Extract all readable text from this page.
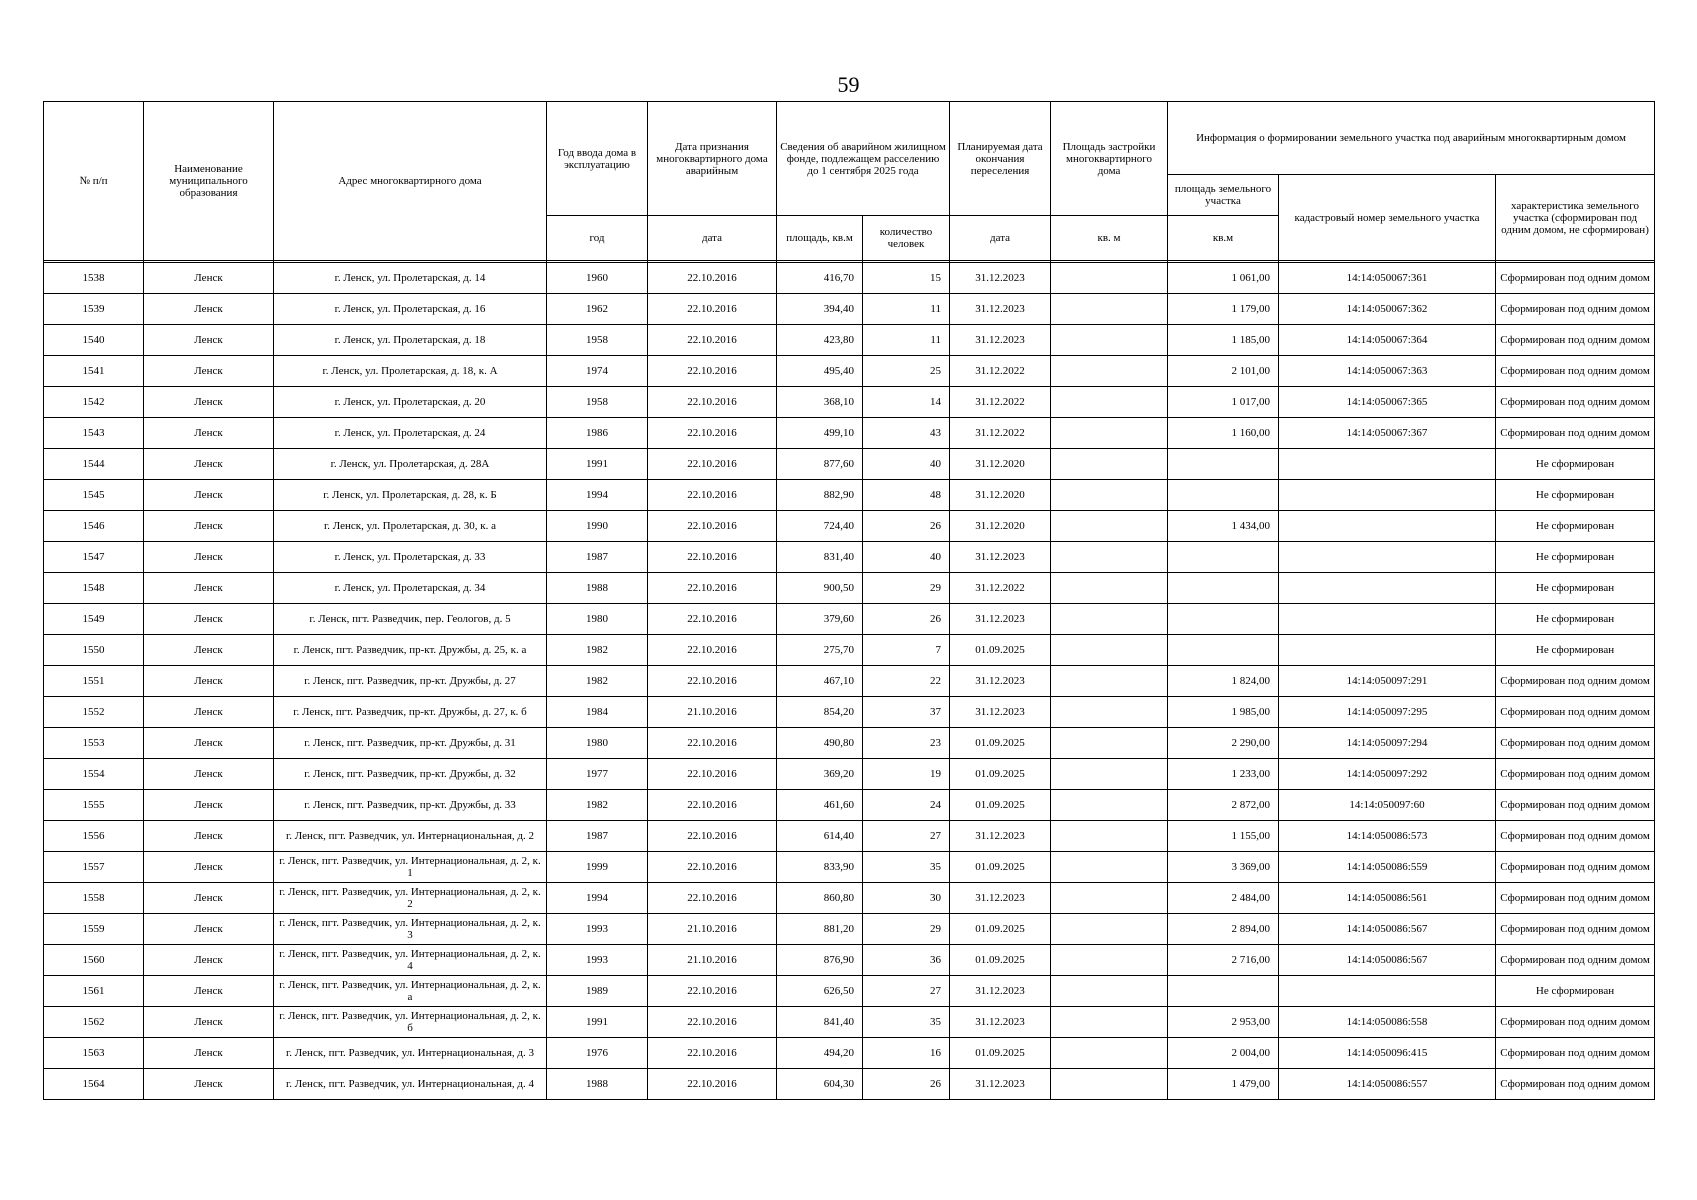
59
№ п/п	Наименование муниципального образования	Адрес многоквартирного дома	Год ввода дома в эксплуатацию	Дата признания многоквартирного дома аварийным	Сведения об аварийном жилищном фонде, подлежащем расселению до 1 сентября 2025 года		Планируемая дата окончания переселения	Площадь застройки многоквартирного дома	Информация о формировании земельного участка под аварийным многоквартирным домом		
									площадь земельного участка	кадастровый номер земельного участка	характеристика земельного участка (сформирован под одним домом, не сформирован)
			год	дата	площадь, кв.м	количество человек	дата	кв. м	кв.м		

1538	Ленск	г. Ленск, ул. Пролетарская, д. 14	1960	22.10.2016	416,70	15	31.12.2023		1 061,00	14:14:050067:361	Сформирован под одним домом
1539	Ленск	г. Ленск, ул. Пролетарская, д. 16	1962	22.10.2016	394,40	11	31.12.2023		1 179,00	14:14:050067:362	Сформирован под одним домом
1540	Ленск	г. Ленск, ул. Пролетарская, д. 18	1958	22.10.2016	423,80	11	31.12.2023		1 185,00	14:14:050067:364	Сформирован под одним домом
1541	Ленск	г. Ленск, ул. Пролетарская, д. 18, к. А	1974	22.10.2016	495,40	25	31.12.2022		2 101,00	14:14:050067:363	Сформирован под одним домом
1542	Ленск	г. Ленск, ул. Пролетарская, д. 20	1958	22.10.2016	368,10	14	31.12.2022		1 017,00	14:14:050067:365	Сформирован под одним домом
1543	Ленск	г. Ленск, ул. Пролетарская, д. 24	1986	22.10.2016	499,10	43	31.12.2022		1 160,00	14:14:050067:367	Сформирован под одним домом
1544	Ленск	г. Ленск, ул. Пролетарская, д. 28А	1991	22.10.2016	877,60	40	31.12.2020				Не сформирован
1545	Ленск	г. Ленск, ул. Пролетарская, д. 28, к. Б	1994	22.10.2016	882,90	48	31.12.2020				Не сформирован
1546	Ленск	г. Ленск, ул. Пролетарская, д. 30, к. а	1990	22.10.2016	724,40	26	31.12.2020		1 434,00		Не сформирован
1547	Ленск	г. Ленск, ул. Пролетарская, д. 33	1987	22.10.2016	831,40	40	31.12.2023				Не сформирован
1548	Ленск	г. Ленск, ул. Пролетарская, д. 34	1988	22.10.2016	900,50	29	31.12.2022				Не сформирован
1549	Ленск	г. Ленск, пгт. Разведчик, пер. Геологов, д. 5	1980	22.10.2016	379,60	26	31.12.2023				Не сформирован
1550	Ленск	г. Ленск, пгт. Разведчик, пр-кт. Дружбы, д. 25, к. а	1982	22.10.2016	275,70	7	01.09.2025				Не сформирован
1551	Ленск	г. Ленск, пгт. Разведчик, пр-кт. Дружбы, д. 27	1982	22.10.2016	467,10	22	31.12.2023		1 824,00	14:14:050097:291	Сформирован под одним домом
1552	Ленск	г. Ленск, пгт. Разведчик, пр-кт. Дружбы, д. 27, к. б	1984	21.10.2016	854,20	37	31.12.2023		1 985,00	14:14:050097:295	Сформирован под одним домом
1553	Ленск	г. Ленск, пгт. Разведчик, пр-кт. Дружбы, д. 31	1980	22.10.2016	490,80	23	01.09.2025		2 290,00	14:14:050097:294	Сформирован под одним домом
1554	Ленск	г. Ленск, пгт. Разведчик, пр-кт. Дружбы, д. 32	1977	22.10.2016	369,20	19	01.09.2025		1 233,00	14:14:050097:292	Сформирован под одним домом
1555	Ленск	г. Ленск, пгт. Разведчик, пр-кт. Дружбы, д. 33	1982	22.10.2016	461,60	24	01.09.2025		2 872,00	14:14:050097:60	Сформирован под одним домом
1556	Ленск	г. Ленск, пгт. Разведчик, ул. Интернациональная, д. 2	1987	22.10.2016	614,40	27	31.12.2023		1 155,00	14:14:050086:573	Сформирован под одним домом
1557	Ленск	г. Ленск, пгт. Разведчик, ул. Интернациональная, д. 2, к. 1	1999	22.10.2016	833,90	35	01.09.2025		3 369,00	14:14:050086:559	Сформирован под одним домом
1558	Ленск	г. Ленск, пгт. Разведчик, ул. Интернациональная, д. 2, к. 2	1994	22.10.2016	860,80	30	31.12.2023		2 484,00	14:14:050086:561	Сформирован под одним домом
1559	Ленск	г. Ленск, пгт. Разведчик, ул. Интернациональная, д. 2, к. 3	1993	21.10.2016	881,20	29	01.09.2025		2 894,00	14:14:050086:567	Сформирован под одним домом
1560	Ленск	г. Ленск, пгт. Разведчик, ул. Интернациональная, д. 2, к. 4	1993	21.10.2016	876,90	36	01.09.2025		2 716,00	14:14:050086:567	Сформирован под одним домом
1561	Ленск	г. Ленск, пгт. Разведчик, ул. Интернациональная, д. 2, к. а	1989	22.10.2016	626,50	27	31.12.2023				Не сформирован
1562	Ленск	г. Ленск, пгт. Разведчик, ул. Интернациональная, д. 2, к. б	1991	22.10.2016	841,40	35	31.12.2023		2 953,00	14:14:050086:558	Сформирован под одним домом
1563	Ленск	г. Ленск, пгт. Разведчик, ул. Интернациональная, д. 3	1976	22.10.2016	494,20	16	01.09.2025		2 004,00	14:14:050096:415	Сформирован под одним домом
1564	Ленск	г. Ленск, пгт. Разведчик, ул. Интернациональная, д. 4	1988	22.10.2016	604,30	26	31.12.2023		1 479,00	14:14:050086:557	Сформирован под одним домом
